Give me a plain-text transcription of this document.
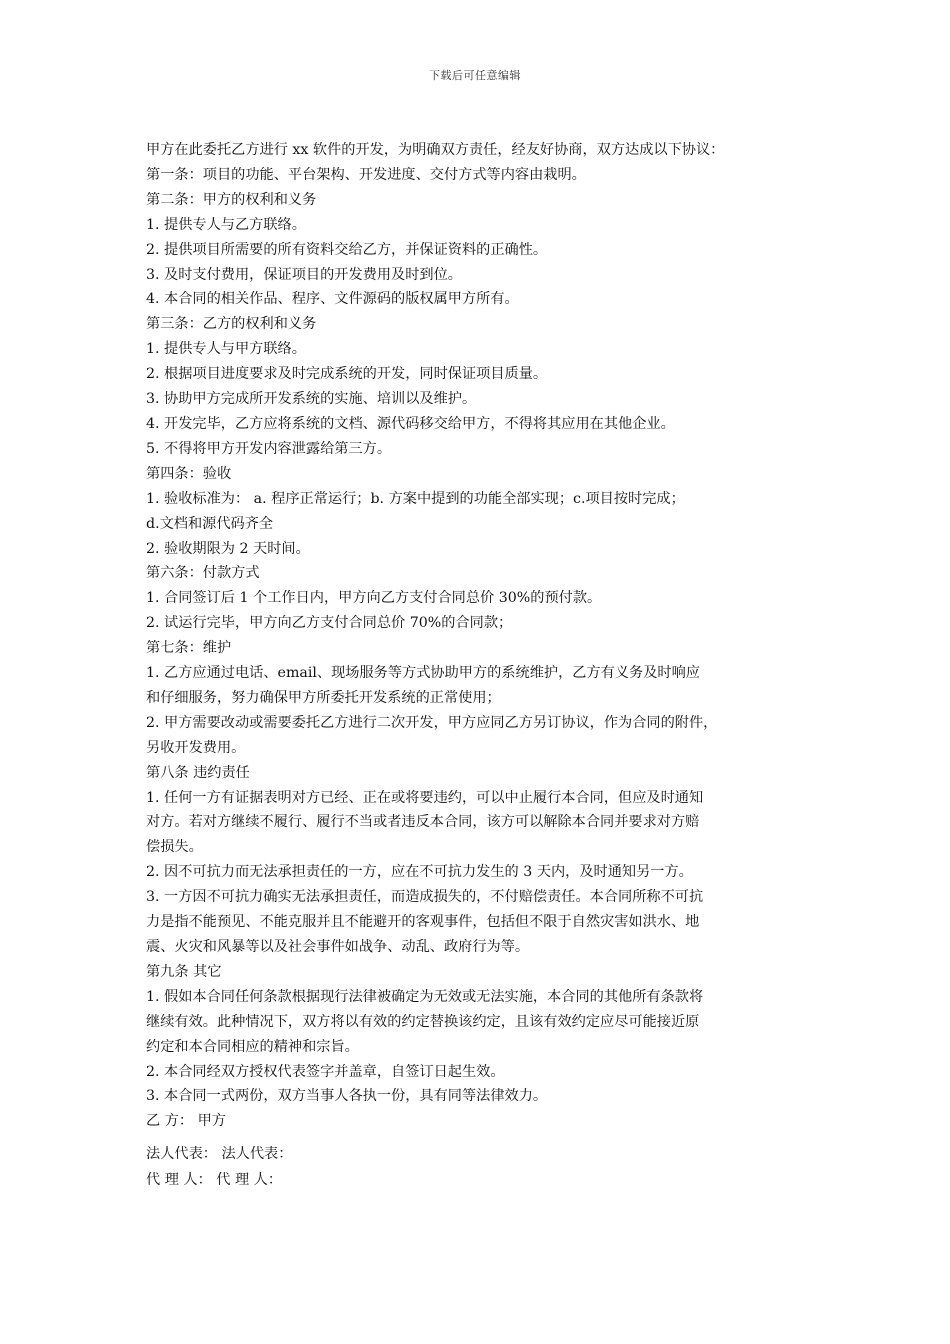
下载后可任意编辑

甲方在此委托乙方进行 xx 软件的开发，为明确双方责任，经友好协商，双方达成以下协议：

第一条：项目的功能、平台架构、开发进度、交付方式等内容由栽明。

第二条：甲方的权利和义务

1. 提供专人与乙方联络。

2. 提供项目所需要的所有资料交给乙方，并保证资料的正确性。

3. 及时支付费用，保证项目的开发费用及时到位。

4. 本合同的相关作品、程序、文件源码的版权属甲方所有。

第三条：乙方的权利和义务

1. 提供专人与甲方联络。

2. 根据项目进度要求及时完成系统的开发，同时保证项目质量。

3. 协助甲方完成所开发系统的实施、培训以及维护。

4. 开发完毕，乙方应将系统的文档、源代码移交给甲方，不得将其应用在其他企业。

5. 不得将甲方开发内容泄露给第三方。

第四条：验收

1. 验收标准为： a. 程序正常运行；b. 方案中提到的功能全部实现；c.项目按时完成；

d.文档和源代码齐全

2. 验收期限为 2 天时间。

第六条：付款方式

1. 合同签订后 1 个工作日内，甲方向乙方支付合同总价 30%的预付款。

2. 试运行完毕，甲方向乙方支付合同总价 70%的合同款；

第七条：维护

1. 乙方应通过电话、email、现场服务等方式协助甲方的系统维护，乙方有义务及时响应

和仔细服务，努力确保甲方所委托开发系统的正常使用；

2. 甲方需要改动或需要委托乙方进行二次开发，甲方应同乙方另订协议，作为合同的附件，

另收开发费用。

第八条 违约责任

1. 任何一方有证据表明对方已经、正在或将要违约，可以中止履行本合同，但应及时通知

对方。若对方继续不履行、履行不当或者违反本合同，该方可以解除本合同并要求对方赔

偿损失。

2. 因不可抗力而无法承担责任的一方，应在不可抗力发生的 3 天内，及时通知另一方。

3. 一方因不可抗力确实无法承担责任，而造成损失的，不付赔偿责任。本合同所称不可抗

力是指不能预见、不能克服并且不能避开的客观事件，包括但不限于自然灾害如洪水、地

震、火灾和风暴等以及社会事件如战争、动乱、政府行为等。

第九条 其它

1. 假如本合同任何条款根据现行法律被确定为无效或无法实施，本合同的其他所有条款将

继续有效。此种情况下，双方将以有效的约定替换该约定，且该有效约定应尽可能接近原

约定和本合同相应的精神和宗旨。

2. 本合同经双方授权代表签字并盖章，自签订日起生效。

3. 本合同一式两份，双方当事人各执一份，具有同等法律效力。

乙 方： 甲方

法人代表： 法人代表：

代 理 人： 代 理 人：
